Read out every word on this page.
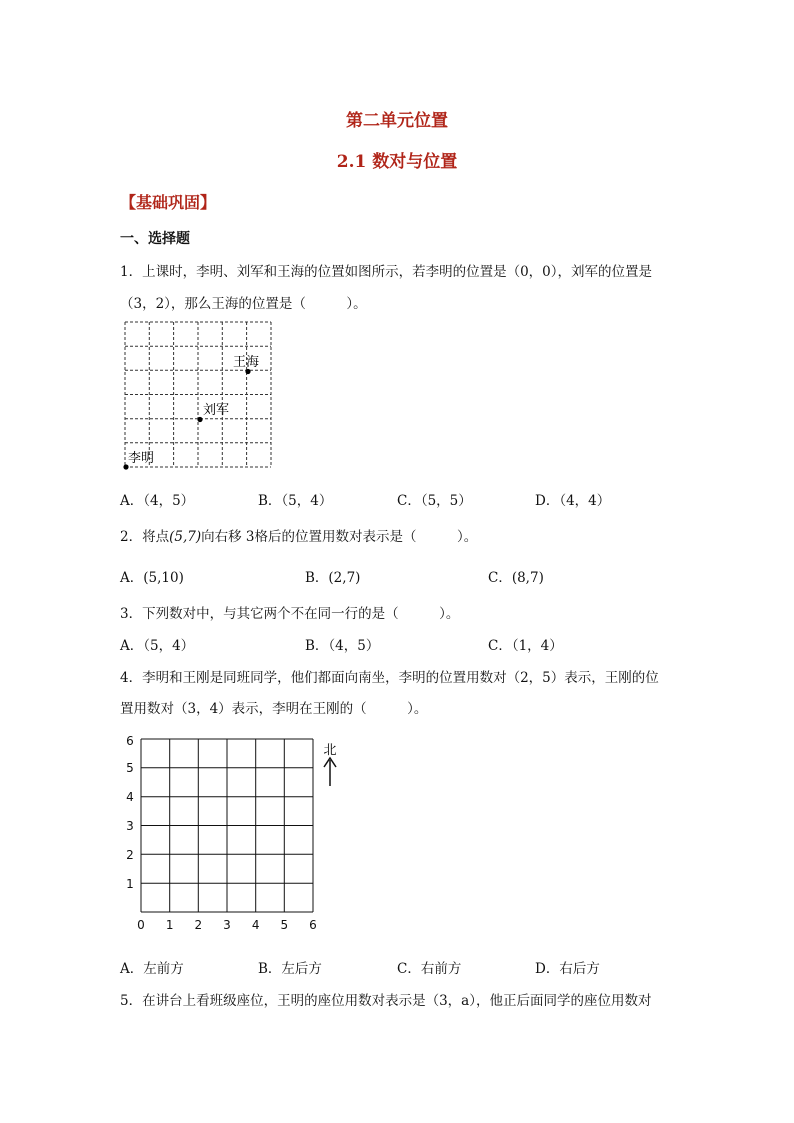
第二单元位置
2.1 数对与位置
【基础巩固】
一、选择题
1．上课时，李明、刘军和王海的位置如图所示，若李明的位置是（0，0），刘军的位置是
（3，2），那么王海的位置是（　　　）。
王海
刘军
李明
A．（4，5）	B．（5，4）	C．（5，5）	D．（4，4）
2．将点(5,7)向右移 3格后的位置用数对表示是（　　　）。
A．(5,10)	B．(2,7)	C．(8,7)
3．下列数对中，与其它两个不在同一行的是（　　　）。
A．（5，4）	B．（4，5）	C．（1，4）
4．李明和王刚是同班同学，他们都面向南坐，李明的位置用数对（2，5）表示，王刚的位
置用数对（3，4）表示，李明在王刚的（　　　）。
0 1 2 3 4 5 6
1
2
3
4
5
6
北
A．左前方	B．左后方	C．右前方	D．右后方
5．在讲台上看班级座位，王明的座位用数对表示是（3，a），他正后面同学的座位用数对
